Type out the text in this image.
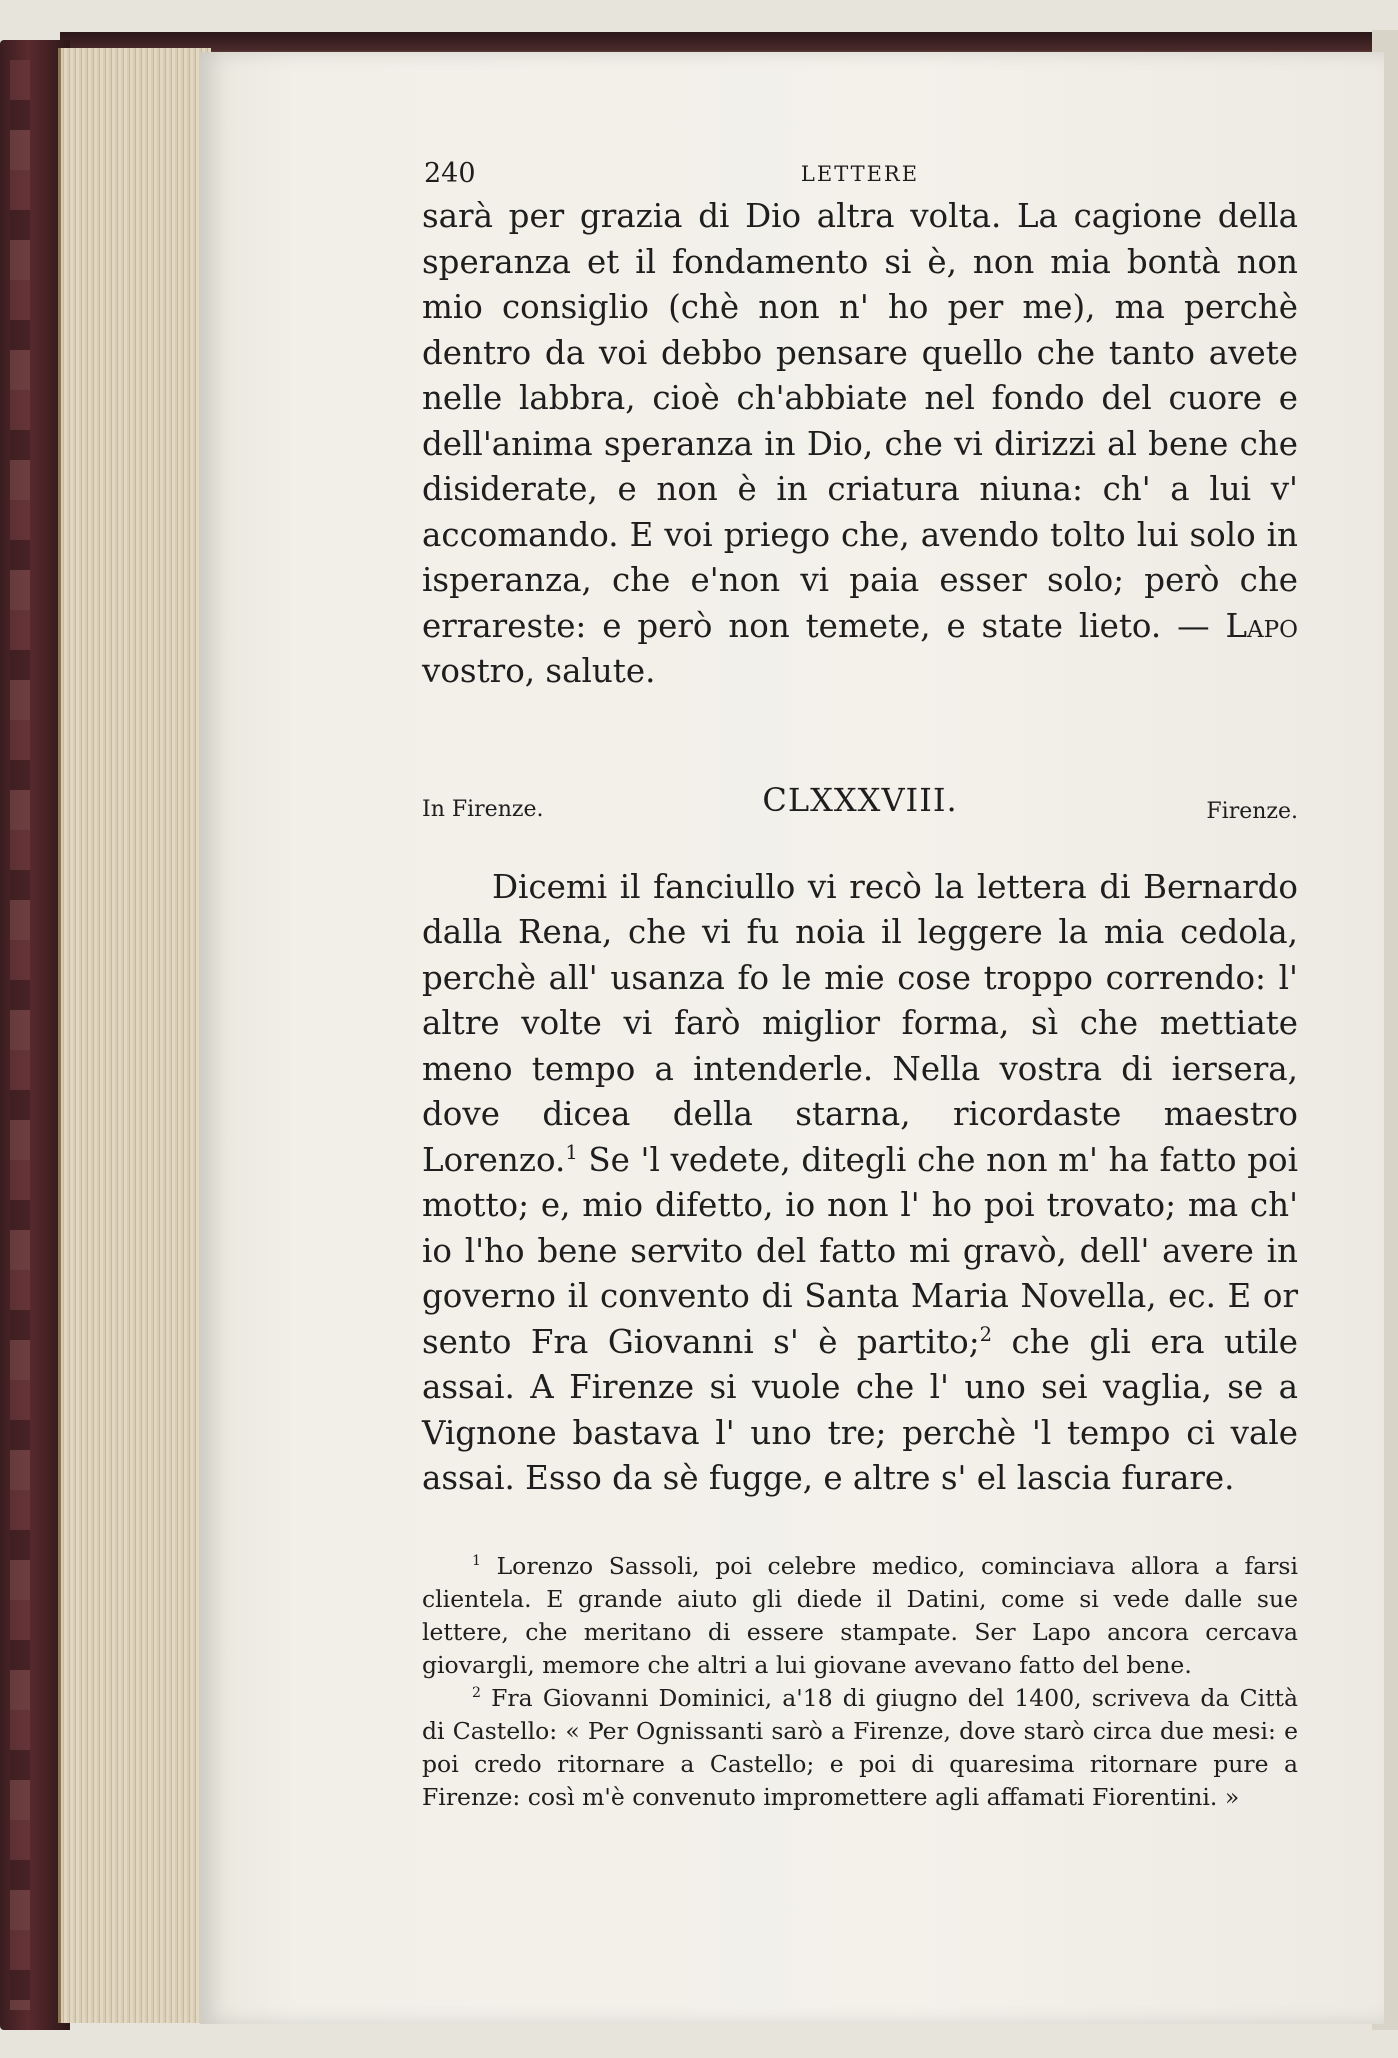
240	LETTERE

sarà per grazia di Dio altra volta. La cagione della speranza et il fondamento si è, non mia bontà non mio consiglio (chè non n' ho per me), ma perchè dentro da voi debbo pensare quello che tanto avete nelle labbra, cioè ch'abbiate nel fondo del cuore e dell'anima speranza in Dio, che vi dirizzi al bene che disiderate, e non è in criatura niuna: ch' a lui v' accomando. E voi priego che, avendo tolto lui solo in isperanza, che e'non vi paia esser solo; però che errareste: e però non temete, e state lieto. — Lapo vostro, salute.

In Firenze.	CLXXXVIII.	Firenze.

Dicemi il fanciullo vi recò la lettera di Bernardo dalla Rena, che vi fu noia il leggere la mia cedola, perchè all' usanza fo le mie cose troppo correndo: l' altre volte vi farò miglior forma, sì che mettiate meno tempo a intenderle. Nella vostra di iersera, dove dicea della starna, ricordaste maestro Lorenzo.$^1$ Se 'l vedete, ditegli che non m' ha fatto poi motto; e, mio difetto, io non l' ho poi trovato; ma ch' io l'ho bene servito del fatto mi gravò, dell' avere in governo il convento di Santa Maria Novella, ec. E or sento Fra Giovanni s' è partito;$^2$ che gli era utile assai. A Firenze si vuole che l' uno sei vaglia, se a Vignone bastava l' uno tre; perchè 'l tempo ci vale assai. Esso da sè fugge, e altre s' el lascia furare.

$^1$ Lorenzo Sassoli, poi celebre medico, cominciava allora a farsi clientela. E grande aiuto gli diede il Datini, come si vede dalle sue lettere, che meritano di essere stampate. Ser Lapo ancora cercava giovargli, memore che altri a lui giovane avevano fatto del bene.

$^2$ Fra Giovanni Dominici, a'18 di giugno del 1400, scriveva da Città di Castello: « Per Ognissanti sarò a Firenze, dove starò circa due mesi: e poi credo ritornare a Castello; e poi di quaresima ritornare pure a Firenze: così m'è convenuto impromettere agli affamati Fiorentini. »
